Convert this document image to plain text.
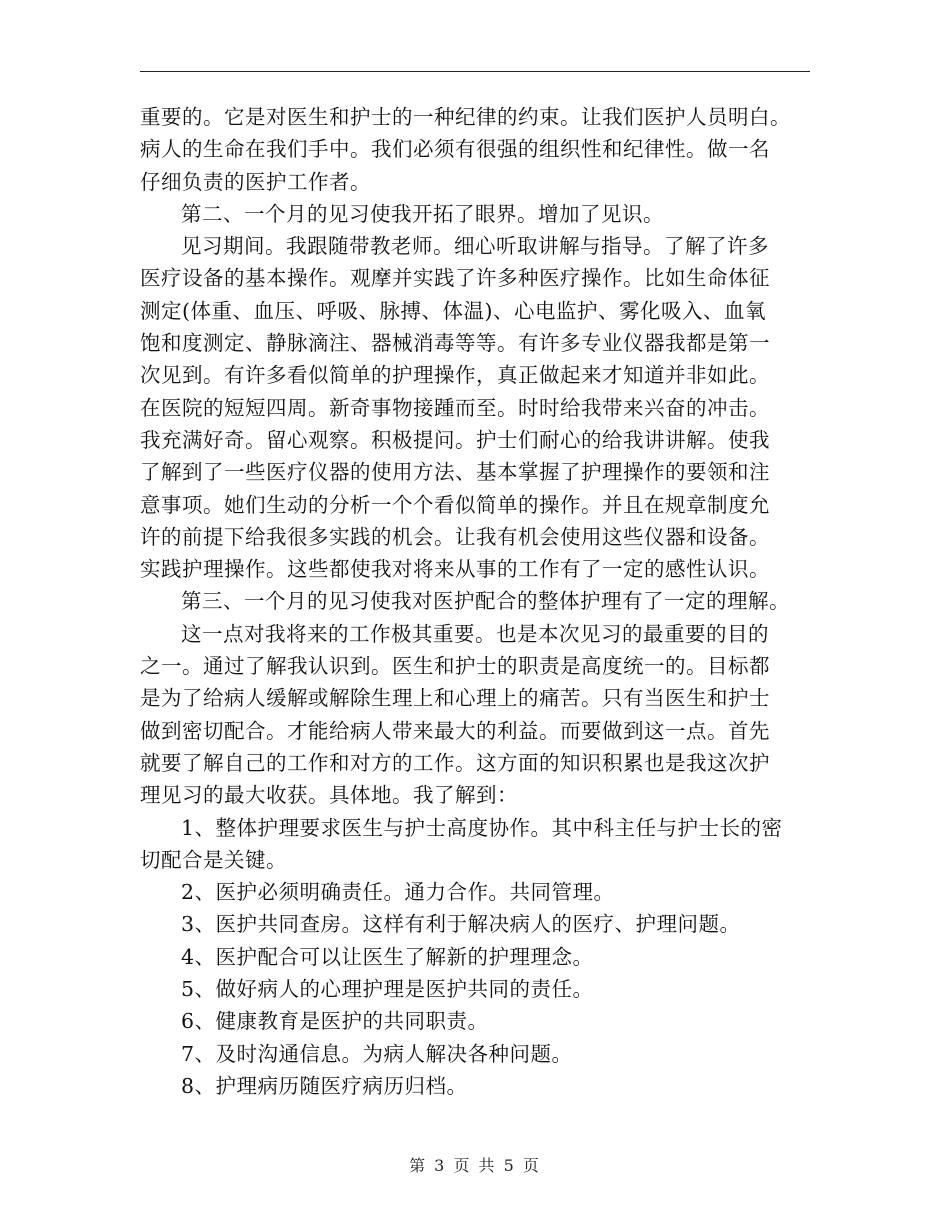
重要的。它是对医生和护士的一种纪律的约束。让我们医护人员明白。
病人的生命在我们手中。我们必须有很强的组织性和纪律性。做一名
仔细负责的医护工作者。
第二、一个月的见习使我开拓了眼界。增加了见识。
见习期间。我跟随带教老师。细心听取讲解与指导。了解了许多
医疗设备的基本操作。观摩并实践了许多种医疗操作。比如生命体征
测定(体重、血压、呼吸、脉搏、体温)、心电监护、雾化吸入、血氧
饱和度测定、静脉滴注、器械消毒等等。有许多专业仪器我都是第一
次见到。有许多看似简单的护理操作，真正做起来才知道并非如此。
在医院的短短四周。新奇事物接踵而至。时时给我带来兴奋的冲击。
我充满好奇。留心观察。积极提问。护士们耐心的给我讲讲解。使我
了解到了一些医疗仪器的使用方法、基本掌握了护理操作的要领和注
意事项。她们生动的分析一个个看似简单的操作。并且在规章制度允
许的前提下给我很多实践的机会。让我有机会使用这些仪器和设备。
实践护理操作。这些都使我对将来从事的工作有了一定的感性认识。
第三、一个月的见习使我对医护配合的整体护理有了一定的理解。
这一点对我将来的工作极其重要。也是本次见习的最重要的目的
之一。通过了解我认识到。医生和护士的职责是高度统一的。目标都
是为了给病人缓解或解除生理上和心理上的痛苦。只有当医生和护士
做到密切配合。才能给病人带来最大的利益。而要做到这一点。首先
就要了解自己的工作和对方的工作。这方面的知识积累也是我这次护
理见习的最大收获。具体地。我了解到：
1、整体护理要求医生与护士高度协作。其中科主任与护士长的密
切配合是关键。
2、医护必须明确责任。通力合作。共同管理。
3、医护共同查房。这样有利于解决病人的医疗、护理问题。
4、医护配合可以让医生了解新的护理理念。
5、做好病人的心理护理是医护共同的责任。
6、健康教育是医护的共同职责。
7、及时沟通信息。为病人解决各种问题。
8、护理病历随医疗病历归档。
第 3 页 共 5 页
